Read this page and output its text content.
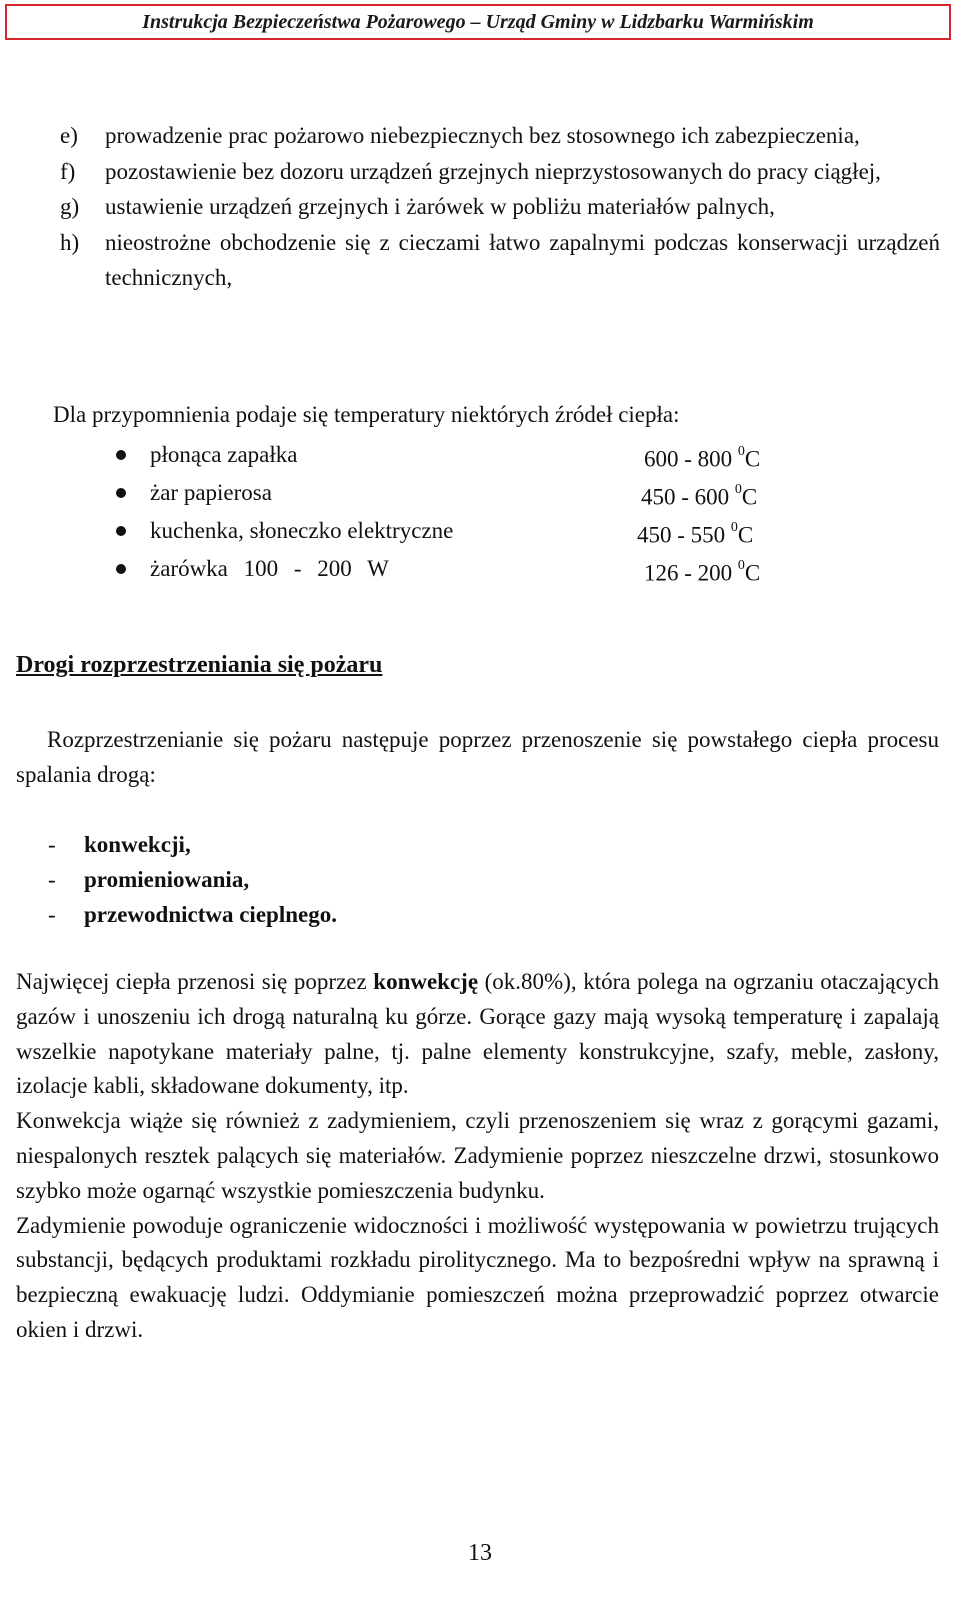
Instrukcja Bezpieczeństwa Pożarowego – Urząd Gminy w Lidzbarku Warmińskim
e)	prowadzenie prac pożarowo niebezpiecznych bez stosownego ich zabezpieczenia,
f)	pozostawienie bez dozoru urządzeń grzejnych nieprzystosowanych do pracy ciągłej,
g)	ustawienie urządzeń grzejnych i żarówek w pobliżu materiałów palnych,
h)	nieostrożne obchodzenie się z cieczami łatwo zapalnymi podczas konserwacji urządzeń technicznych,
Dla przypomnienia podaje się temperatury niektórych źródeł ciepła:
płonąca zapałka	600 - 800 $^0$C
żar papierosa	450 - 600 $^0$C
kuchenka, słoneczko elektryczne	450 - 550 $^0$C
żarówka 100 - 200 W	126 - 200 $^0$C
Drogi rozprzestrzeniania się pożaru
Rozprzestrzenianie się pożaru następuje poprzez przenoszenie się powstałego ciepła procesu spalania drogą:
- konwekcji,
- promieniowania,
- przewodnictwa cieplnego.

Najwięcej ciepła przenosi się poprzez konwekcję (ok.80%), która polega na ogrzaniu otaczających gazów i unoszeniu ich drogą naturalną ku górze. Gorące gazy mają wysoką temperaturę i zapalają wszelkie napotykane materiały palne, tj. palne elementy konstrukcyjne, szafy, meble, zasłony, izolacje kabli, składowane dokumenty, itp.

Konwekcja wiąże się również z zadymieniem, czyli przenoszeniem się wraz z gorącymi gazami, niespalonych resztek palących się materiałów. Zadymienie poprzez nieszczelne drzwi, stosunkowo szybko może ogarnąć wszystkie pomieszczenia budynku.

Zadymienie powoduje ograniczenie widoczności i możliwość występowania w powietrzu trujących substancji, będących produktami rozkładu pirolitycznego. Ma to bezpośredni wpływ na sprawną i bezpieczną ewakuację ludzi. Oddymianie pomieszczeń można przeprowadzić poprzez otwarcie okien i drzwi.

13
